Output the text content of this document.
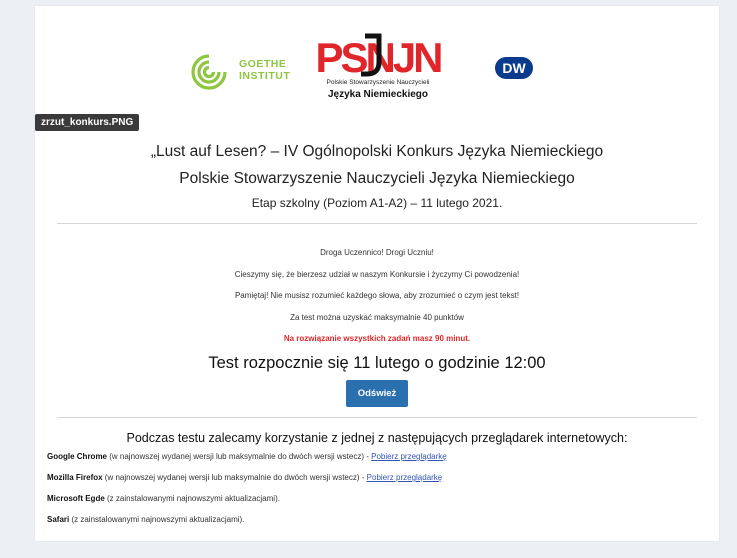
GOETHE
INSTITUT PSNJN
Polskie Stowarzyszenie Nauczycieli
Języka Niemieckiego
DW
„Lust auf Lesen? – IV Ogólnopolski Konkurs Języka Niemieckiego
Polskie Stowarzyszenie Nauczycieli Języka Niemieckiego
Etap szkolny (Poziom A1-A2) – 11 lutego 2021.
Droga Uczennico! Drogi Uczniu!
Cieszymy się, że bierzesz udział w naszym Konkursie i życzymy Ci powodzenia!
Pamiętaj! Nie musisz rozumieć każdego słowa, aby zrozumieć o czym jest tekst!
Za test można uzyskać maksymalnie 40 punktów
Na rozwiązanie wszystkich zadań masz 90 minut.
Test rozpocznie się 11 lutego o godzinie 12:00
Odśwież
Podczas testu zalecamy korzystanie z jednej z następujących przeglądarek internetowych:
Google Chrome (w najnowszej wydanej wersji lub maksymalnie do dwóch wersji wstecz) - Pobierz przeglądarkę
Mozilla Firefox (w najnowszej wydanej wersji lub maksymalnie do dwóch wersji wstecz) - Pobierz przeglądarkę
Microsoft Egde (z zainstalowanymi najnowszymi aktualizacjami).
Safari (z zainstalowanymi najnowszymi aktualizacjami).
zrzut_konkurs.PNG
